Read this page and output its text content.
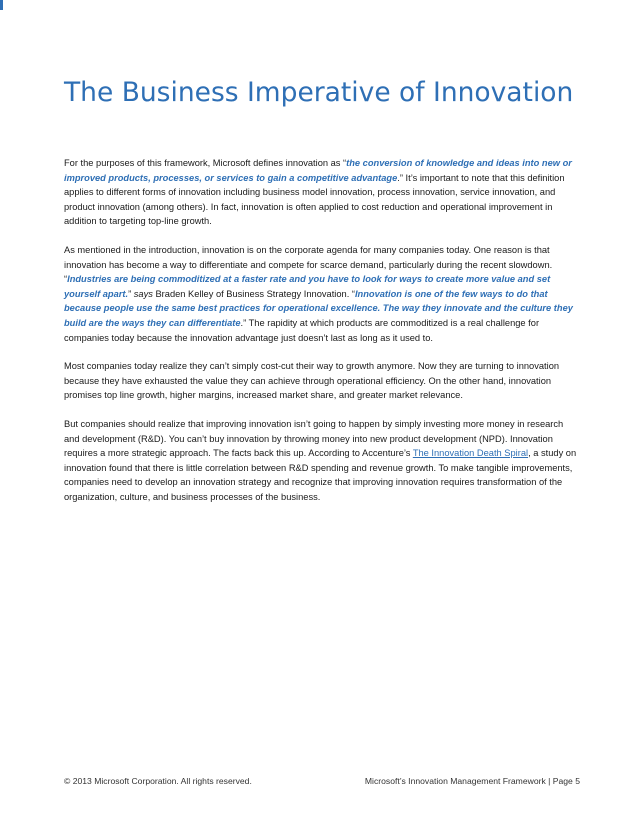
The Business Imperative of Innovation

For the purposes of this framework, Microsoft defines innovation as “the conversion of knowledge and ideas into new or improved products, processes, or services to gain a competitive advantage.” It’s important to note that this definition applies to different forms of innovation including business model innovation, process innovation, service innovation, and product innovation (among others). In fact, innovation is often applied to cost reduction and operational improvement in addition to targeting top-line growth.

As mentioned in the introduction, innovation is on the corporate agenda for many companies today. One reason is that innovation has become a way to differentiate and compete for scarce demand, particularly during the recent slowdown. “Industries are being commoditized at a faster rate and you have to look for ways to create more value and set yourself apart.” says Braden Kelley of Business Strategy Innovation. “Innovation is one of the few ways to do that because people use the same best practices for operational excellence. The way they innovate and the culture they build are the ways they can differentiate.” The rapidity at which products are commoditized is a real challenge for companies today because the innovation advantage just doesn’t last as long as it used to.

Most companies today realize they can’t simply cost-cut their way to growth anymore. Now they are turning to innovation because they have exhausted the value they can achieve through operational efficiency. On the other hand, innovation promises top line growth, higher margins, increased market share, and greater market relevance.

But companies should realize that improving innovation isn’t going to happen by simply investing more money in research and development (R&D). You can’t buy innovation by throwing money into new product development (NPD). Innovation requires a more strategic approach. The facts back this up. According to Accenture’s The Innovation Death Spiral, a study on innovation found that there is little correlation between R&D spending and revenue growth. To make tangible improvements, companies need to develop an innovation strategy and recognize that improving innovation requires transformation of the organization, culture, and business processes of the business.

© 2013 Microsoft Corporation. All rights reserved.	Microsoft’s Innovation Management Framework | Page 5
